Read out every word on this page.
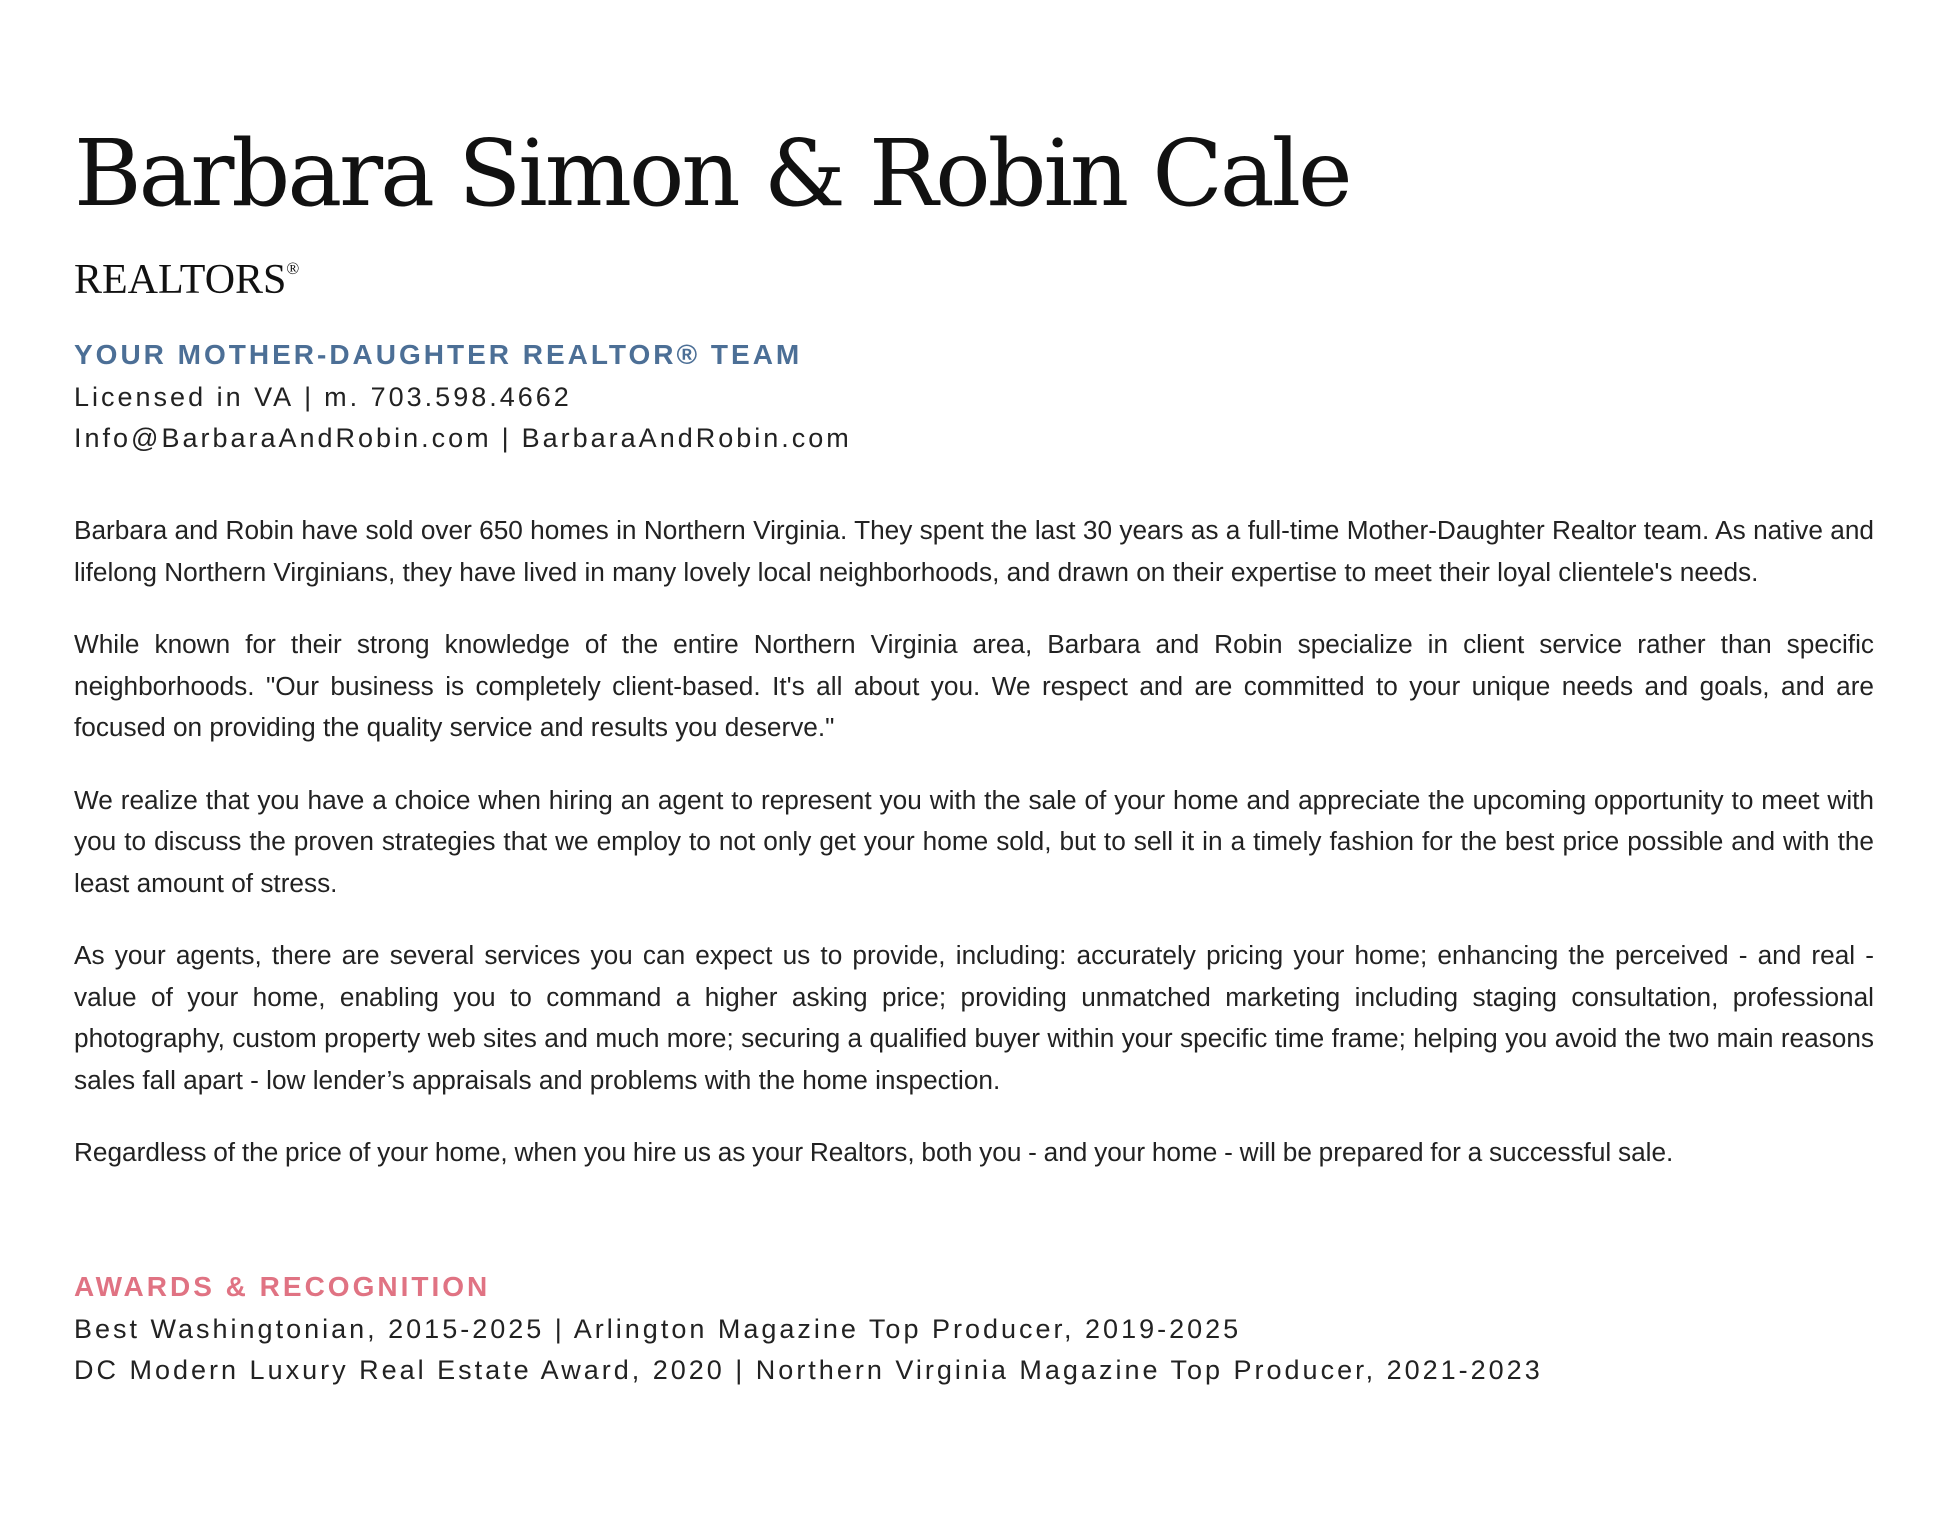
Barbara Simon & Robin Cale
REALTORS®
YOUR MOTHER-DAUGHTER REALTOR® TEAM
Licensed in VA | m. 703.598.4662
Info@BarbaraAndRobin.com | BarbaraAndRobin.com

Barbara and Robin have sold over 650 homes in Northern Virginia. They spent the last 30 years as a full-time Mother-Daughter Realtor team. As native and lifelong Northern Virginians, they have lived in many lovely local neighborhoods, and drawn on their expertise to meet their loyal clientele's needs.

While known for their strong knowledge of the entire Northern Virginia area, Barbara and Robin specialize in client service rather than specific neighborhoods. "Our business is completely client-based. It's all about you. We respect and are committed to your unique needs and goals, and are focused on providing the quality service and results you deserve."

We realize that you have a choice when hiring an agent to represent you with the sale of your home and appreciate the upcoming opportunity to meet with you to discuss the proven strategies that we employ to not only get your home sold, but to sell it in a timely fashion for the best price possible and with the least amount of stress.

As your agents, there are several services you can expect us to provide, including: accurately pricing your home; enhancing the perceived - and real - value of your home, enabling you to command a higher asking price; providing unmatched marketing including staging consultation, professional photography, custom property web sites and much more; securing a qualified buyer within your specific time frame; helping you avoid the two main reasons sales fall apart - low lender’s appraisals and problems with the home inspection.

Regardless of the price of your home, when you hire us as your Realtors, both you - and your home - will be prepared for a successful sale.

AWARDS & RECOGNITION
Best Washingtonian, 2015-2025 | Arlington Magazine Top Producer, 2019-2025
DC Modern Luxury Real Estate Award, 2020 | Northern Virginia Magazine Top Producer, 2021-2023
